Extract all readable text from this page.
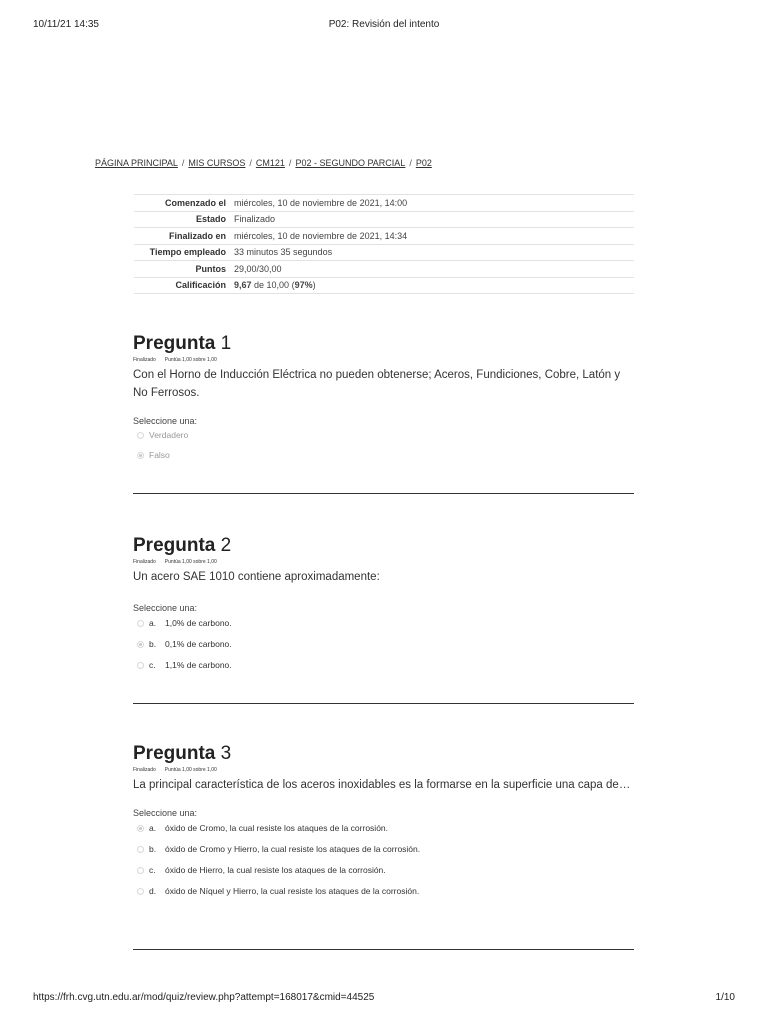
10/11/21 14:35	P02: Revisión del intento
PÁGINA PRINCIPAL / MIS CURSOS / CM121 / P02 - SEGUNDO PARCIAL / P02
Comenzado el	miércoles, 10 de noviembre de 2021, 14:00
Estado	Finalizado
Finalizado en	miércoles, 10 de noviembre de 2021, 14:34
Tiempo empleado	33 minutos 35 segundos
Puntos	29,00/30,00
Calificación	9,67 de 10,00 (97%)
Pregunta 1
Finalizado Puntúa 1,00 sobre 1,00
Con el Horno de Inducción Eléctrica no pueden obtenerse; Aceros, Fundiciones, Cobre, Latón y No Ferrosos.
Seleccione una:
Verdadero
Falso
Pregunta 2
Finalizado Puntúa 1,00 sobre 1,00
Un acero SAE 1010 contiene aproximadamente:
Seleccione una:
a. 1,0% de carbono.
b. 0,1% de carbono.
c. 1,1% de carbono.
Pregunta 3
Finalizado Puntúa 1,00 sobre 1,00
La principal característica de los aceros inoxidables es la formarse en la superficie una capa de…
Seleccione una:
a. óxido de Cromo, la cual resiste los ataques de la corrosión.
b. óxido de Cromo y Hierro, la cual resiste los ataques de la corrosión.
c. óxido de Hierro, la cual resiste los ataques de la corrosión.
d. óxido de Níquel y Hierro, la cual resiste los ataques de la corrosión.
https://frh.cvg.utn.edu.ar/mod/quiz/review.php?attempt=168017&cmid=44525	1/10
